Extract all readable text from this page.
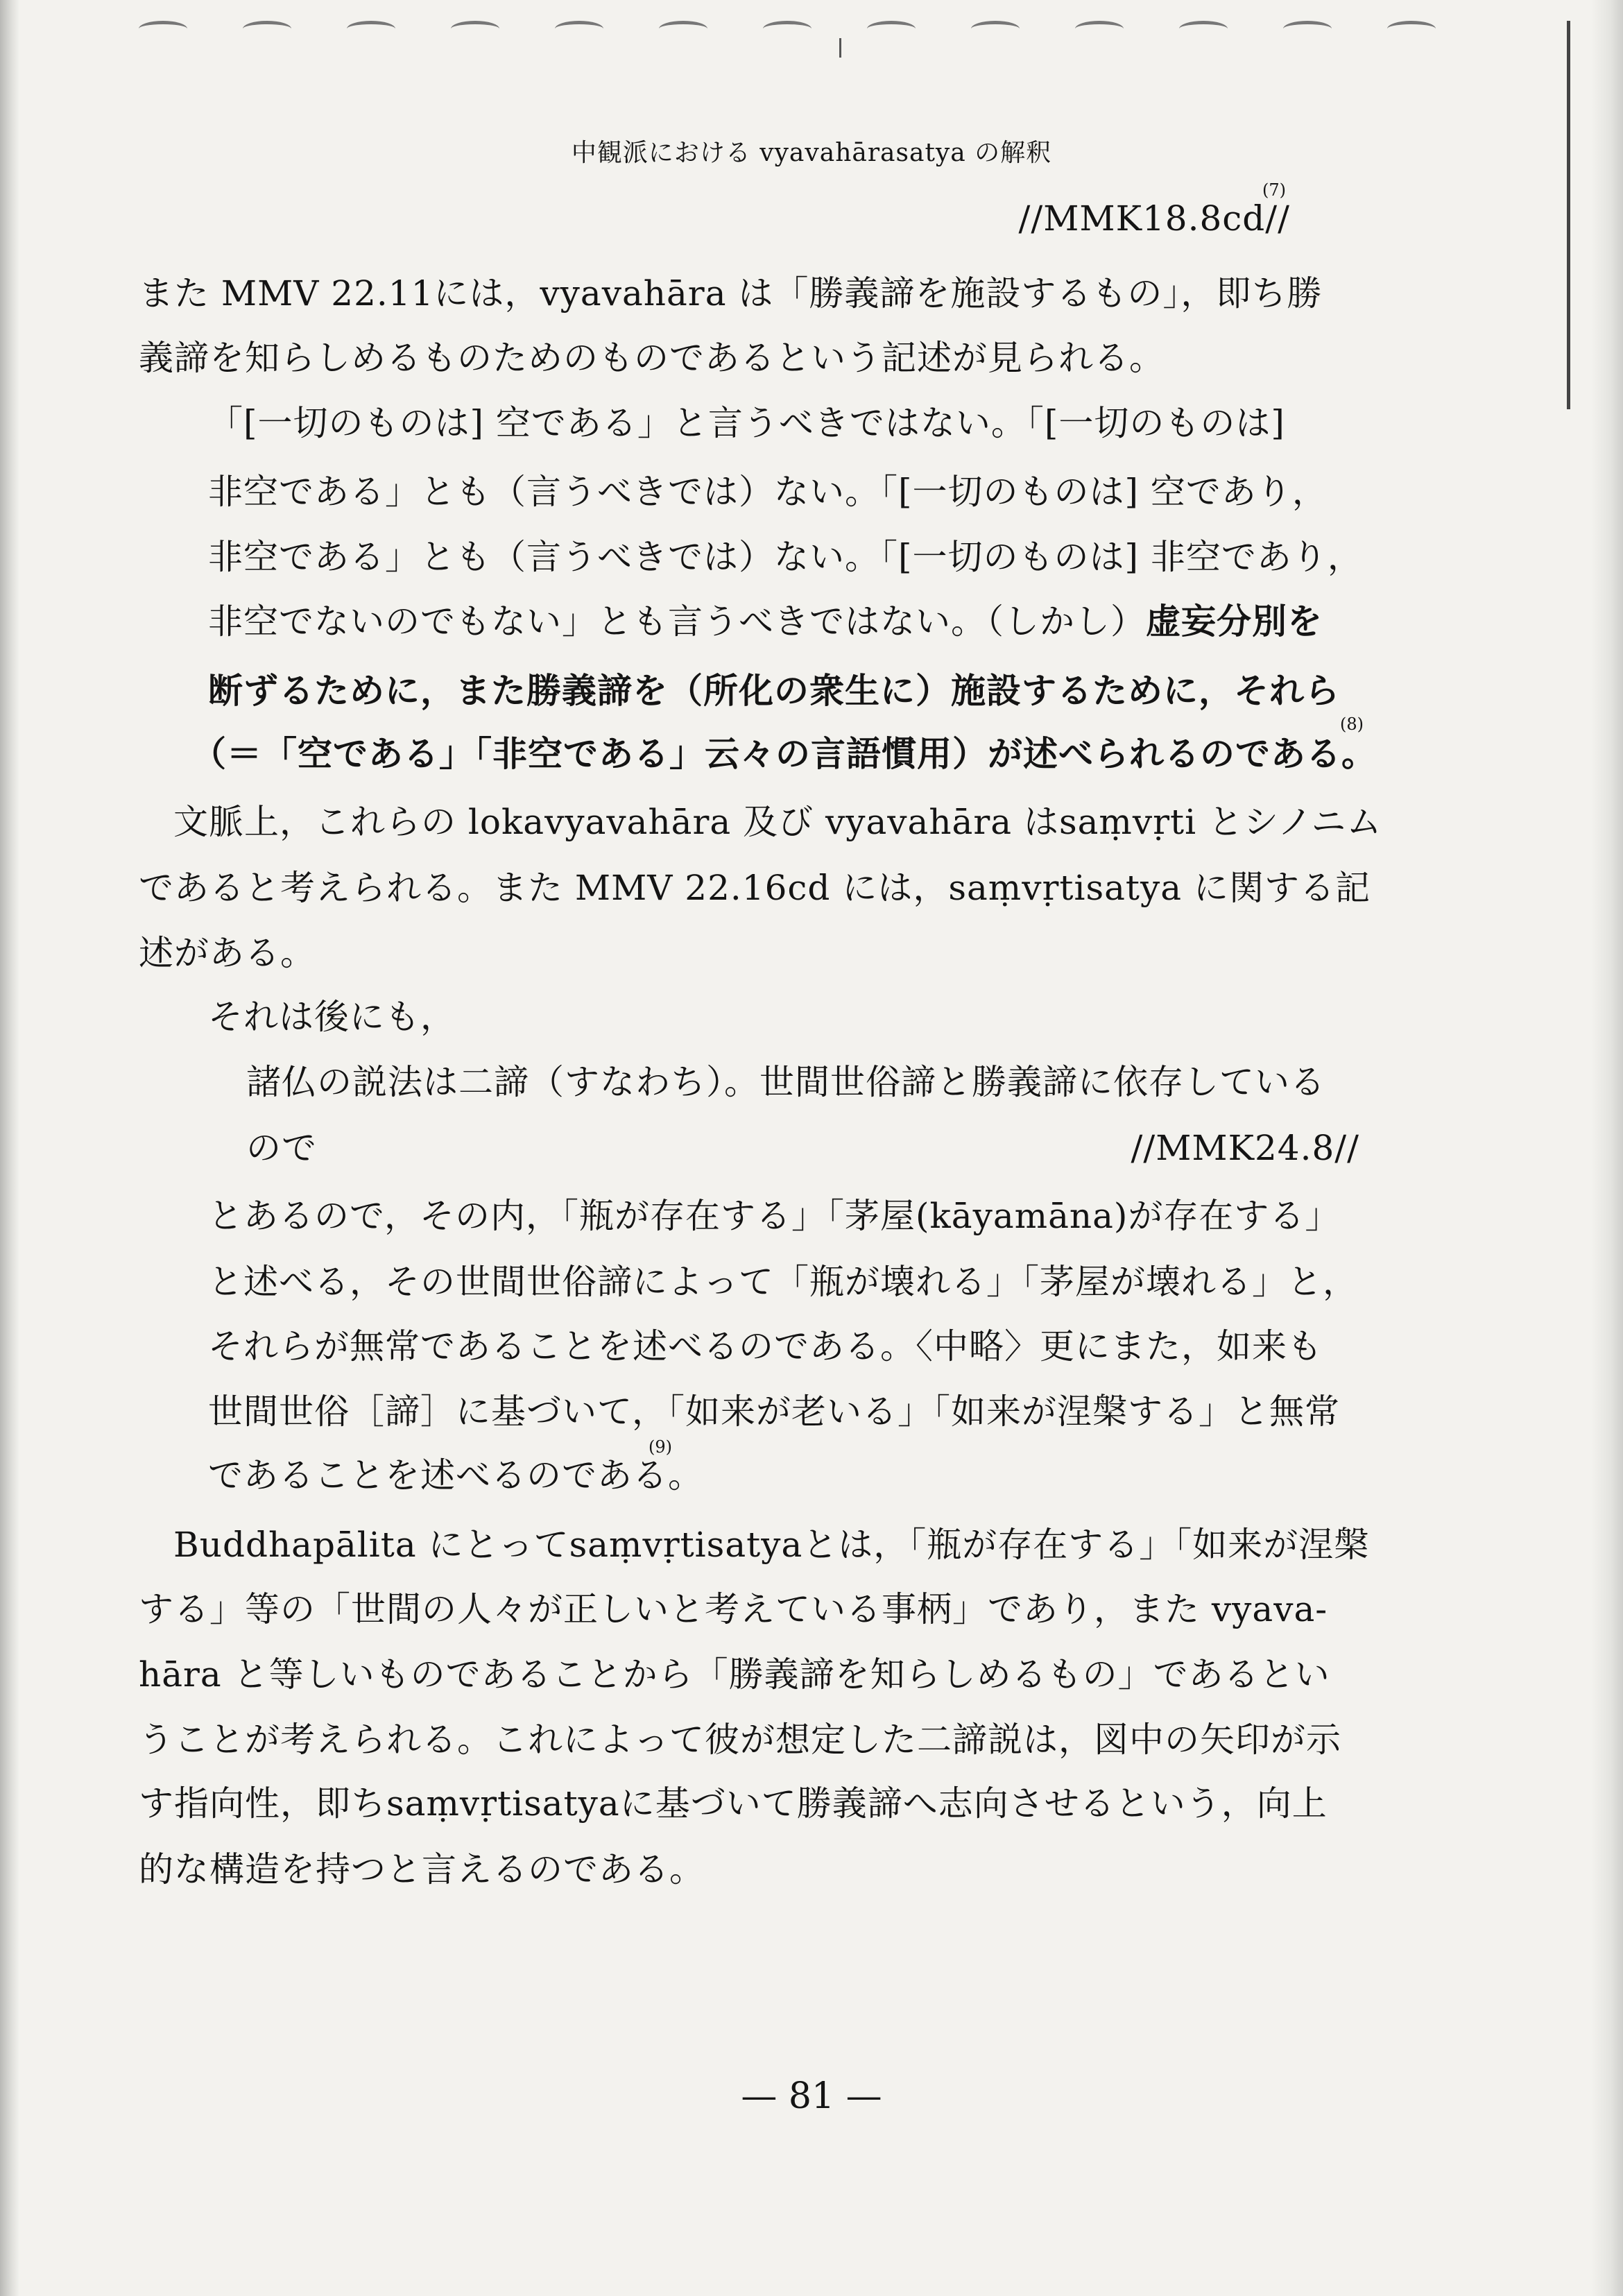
中観派における vyavahārasatya の解釈
//MMK18.8cd//
(7)
また MMV 22.11には，vyavahāra は「勝義諦を施設するもの」，即ち勝
義諦を知らしめるものためのものであるという記述が見られる。
「[一切のものは] 空である」と言うべきではない。「[一切のものは]
非空である」とも（言うべきでは）ない。「[一切のものは] 空であり，
非空である」とも（言うべきでは）ない。「[一切のものは] 非空であり，
非空でないのでもない」とも言うべきではない。（しかし）虚妄分別を
断ずるために，また勝義諦を（所化の衆生に）施設するために，それら
（＝「空である」「非空である」云々の言語慣用）が述べられるのである。
(8)
文脈上，これらの lokavyavahāra 及び vyavahāra はsaṃvṛti とシノニム
であると考えられる。また MMV 22.16cd には，saṃvṛtisatya に関する記
述がある。
それは後にも，
諸仏の説法は二諦（すなわち）。世間世俗諦と勝義諦に依存している
ので	//MMK24.8//
とあるので，その内，「瓶が存在する」「茅屋(kāyamāna)が存在する」
と述べる，その世間世俗諦によって「瓶が壊れる」「茅屋が壊れる」と，
それらが無常であることを述べるのである。〈中略〉更にまた，如来も
世間世俗［諦］に基づいて，「如来が老いる」「如来が涅槃する」と無常
であることを述べるのである。
(9)
Buddhapālita にとってsaṃvṛtisatyaとは，「瓶が存在する」「如来が涅槃
する」等の「世間の人々が正しいと考えている事柄」であり，また vyava-
hāra と等しいものであることから「勝義諦を知らしめるもの」であるとい
うことが考えられる。これによって彼が想定した二諦説は，図中の矢印が示
す指向性，即ちsaṃvṛtisatyaに基づいて勝義諦へ志向させるという，向上
的な構造を持つと言えるのである。
— 81 —
